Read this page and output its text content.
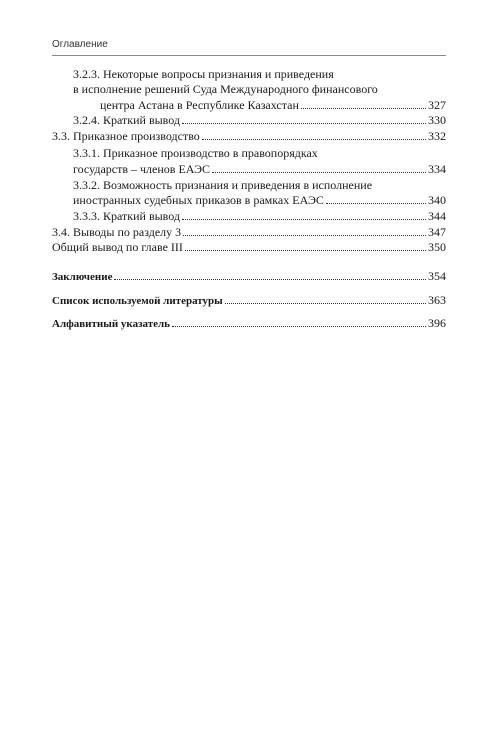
Оглавление
3.2.3. Некоторые вопросы признания и приведения
в исполнение решений Суда Международного финансового
центра Астана в Республике Казахстан	327
3.2.4. Краткий вывод	330
3.3. Приказное производство	332
3.3.1. Приказное производство в правопорядках
государств – членов ЕАЭС	334
3.3.2. Возможность признания и приведения в исполнение
иностранных судебных приказов в рамках ЕАЭС	340
3.3.3. Краткий вывод	344
3.4. Выводы по разделу 3	347
Общий вывод по главе III	350
Заключение	354
Список используемой литературы	363
Алфавитный указатель	396
